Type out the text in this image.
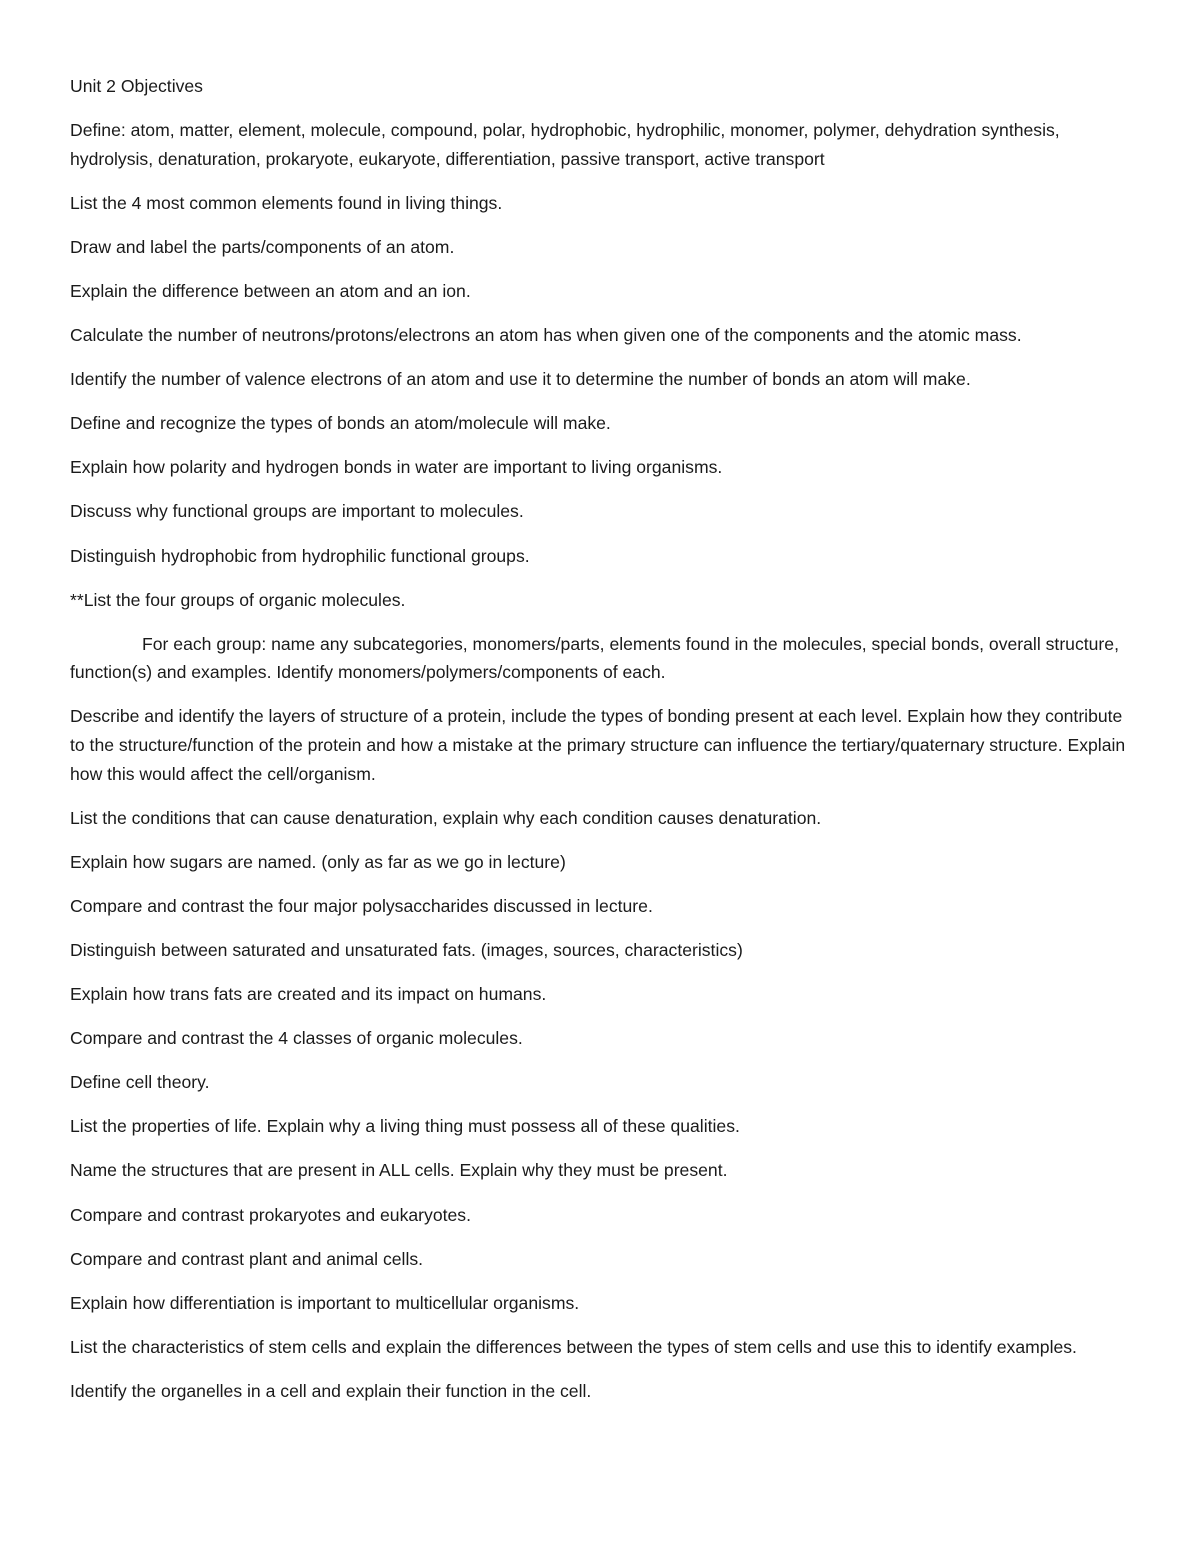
Unit 2 Objectives

Define: atom, matter, element, molecule, compound, polar, hydrophobic, hydrophilic, monomer, polymer, dehydration synthesis, hydrolysis, denaturation, prokaryote, eukaryote, differentiation, passive transport, active transport

List the 4 most common elements found in living things.

Draw and label the parts/components of an atom.

Explain the difference between an atom and an ion.

Calculate the number of neutrons/protons/electrons an atom has when given one of the components and the atomic mass.

Identify the number of valence electrons of an atom and use it to determine the number of bonds an atom will make.

Define and recognize the types of bonds an atom/molecule will make.

Explain how polarity and hydrogen bonds in water are important to living organisms.

Discuss why functional groups are important to molecules.

Distinguish hydrophobic from hydrophilic functional groups.

**List the four groups of organic molecules.

For each group: name any subcategories, monomers/parts, elements found in the molecules, special bonds, overall structure, function(s) and examples. Identify monomers/polymers/components of each.

Describe and identify the layers of structure of a protein, include the types of bonding present at each level. Explain how they contribute to the structure/function of the protein and how a mistake at the primary structure can influence the tertiary/quaternary structure. Explain how this would affect the cell/organism.

List the conditions that can cause denaturation, explain why each condition causes denaturation.

Explain how sugars are named. (only as far as we go in lecture)

Compare and contrast the four major polysaccharides discussed in lecture.

Distinguish between saturated and unsaturated fats. (images, sources, characteristics)

Explain how trans fats are created and its impact on humans.

Compare and contrast the 4 classes of organic molecules.

Define cell theory.

List the properties of life. Explain why a living thing must possess all of these qualities.

Name the structures that are present in ALL cells. Explain why they must be present.

Compare and contrast prokaryotes and eukaryotes.

Compare and contrast plant and animal cells.

Explain how differentiation is important to multicellular organisms.

List the characteristics of stem cells and explain the differences between the types of stem cells and use this to identify examples.

Identify the organelles in a cell and explain their function in the cell.
